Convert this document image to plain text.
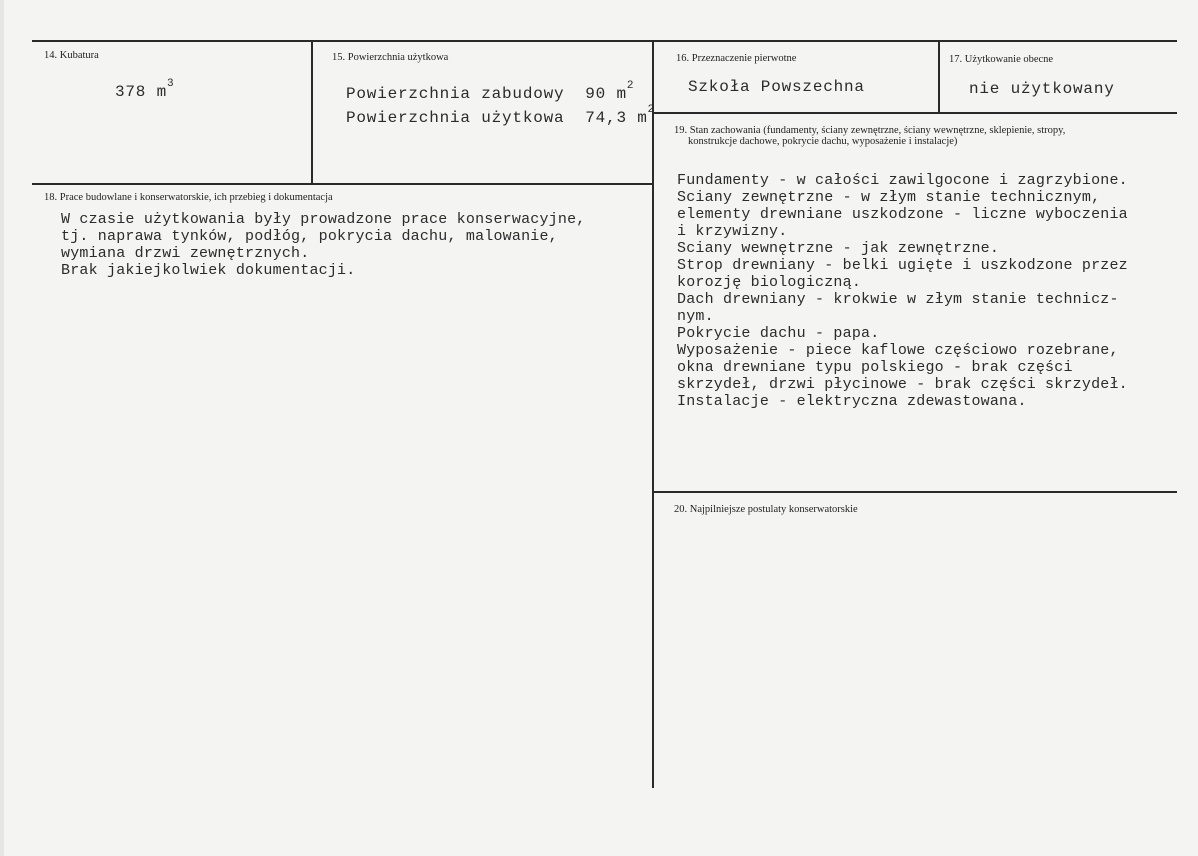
14. Kubatura
378 $m^3$
15. Powierzchnia użytkowa
Powierzchnia zabudowy  90 $m^2$
Powierzchnia użytkowa  74,3 $m^2$
16. Przeznaczenie pierwotne
Szkoła Powszechna
17. Użytkowanie obecne
nie użytkowany
19. Stan zachowania (fundamenty, ściany zewnętrzne, ściany wewnętrzne, sklepienie, stropy,
konstrukcje dachowe, pokrycie dachu, wyposażenie i instalacje)
Fundamenty - w całości zawilgocone i zagrzybione.
Sciany zewnętrzne - w złym stanie technicznym,
elementy drewniane uszkodzone - liczne wyboczenia
i krzywizny.
Sciany wewnętrzne - jak zewnętrzne.
Strop drewniany - belki ugięte i uszkodzone przez
korozję biologiczną.
Dach drewniany - krokwie w złym stanie technicz-
nym.
Pokrycie dachu - papa.
Wyposażenie - piece kaflowe częściowo rozebrane,
okna drewniane typu polskiego - brak części
skrzydeł, drzwi płycinowe - brak części skrzydeł.
Instalacje - elektryczna zdewastowana.
18. Prace budowlane i konserwatorskie, ich przebieg i dokumentacja
W czasie użytkowania były prowadzone prace konserwacyjne,
tj. naprawa tynków, podłóg, pokrycia dachu, malowanie,
wymiana drzwi zewnętrznych.
Brak jakiejkolwiek dokumentacji.
20. Najpilniejsze postulaty konserwatorskie
